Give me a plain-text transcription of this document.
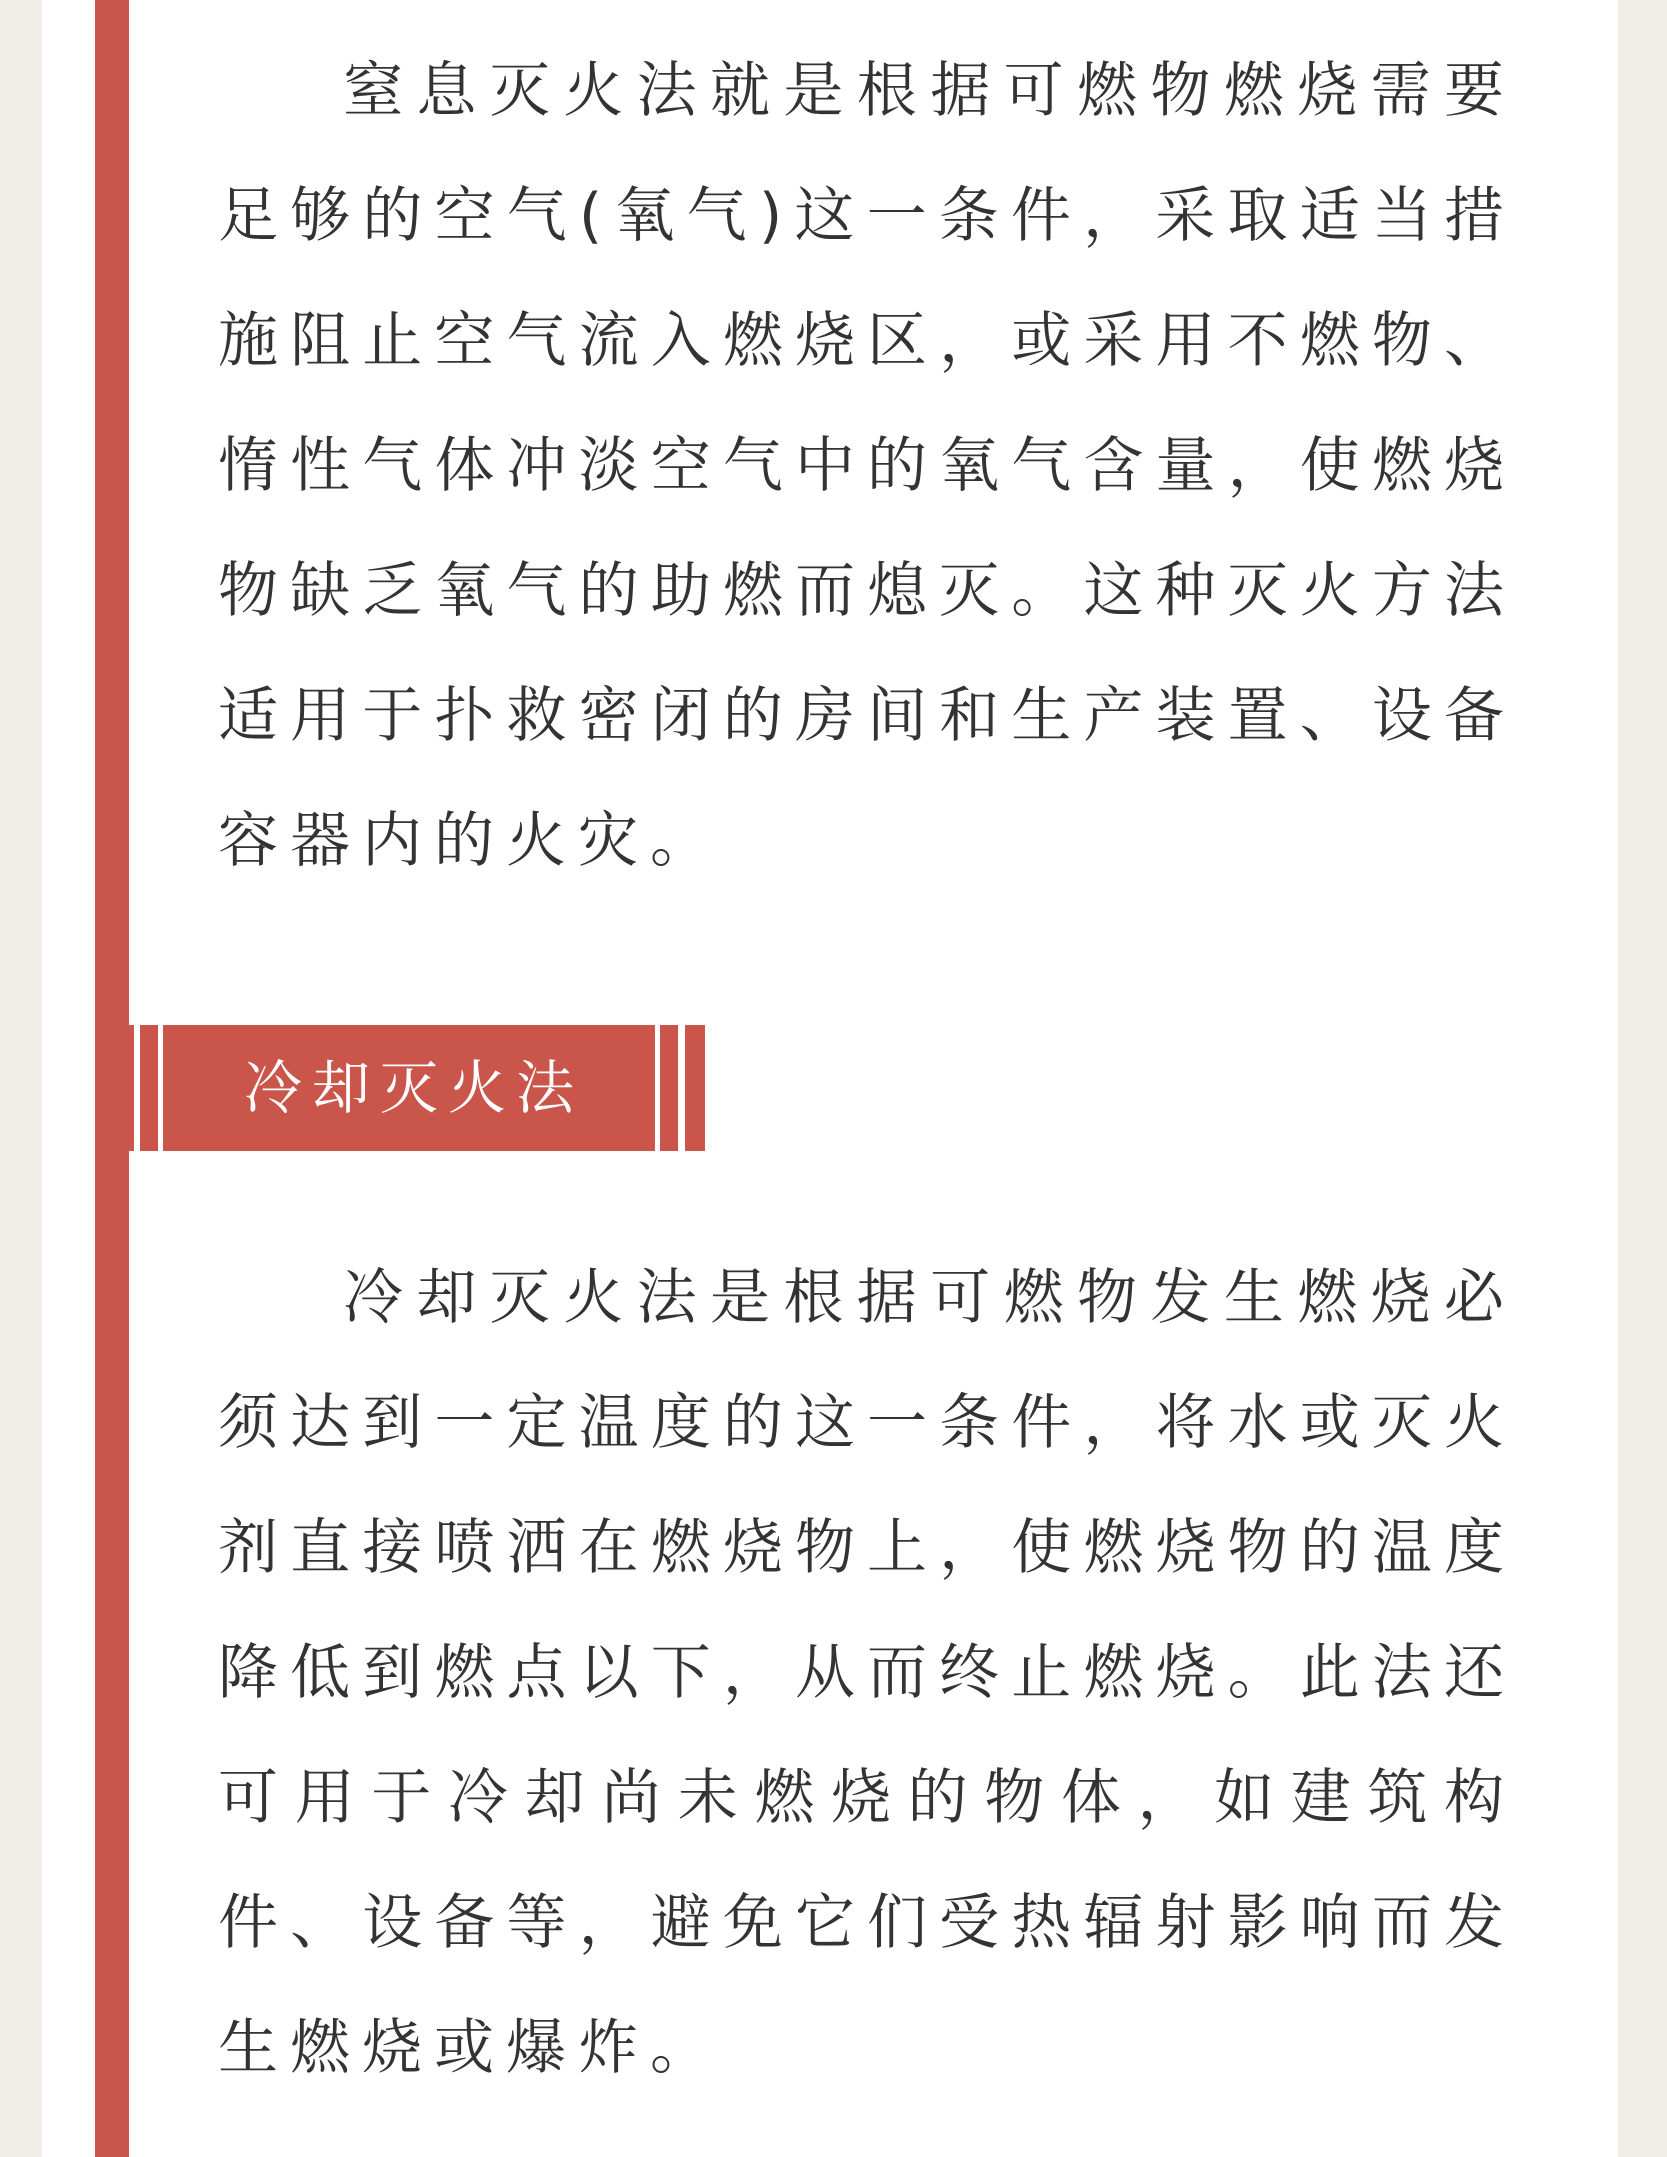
窒息灭火法就是根据可燃物燃烧需要足够的空气(氧气)这一条件，采取适当措施阻止空气流入燃烧区，或采用不燃物、惰性气体冲淡空气中的氧气含量，使燃烧物缺乏氧气的助燃而熄灭。这种灭火方法适用于扑救密闭的房间和生产装置、设备容器内的火灾。

冷却灭火法

冷却灭火法是根据可燃物发生燃烧必须达到一定温度的这一条件，将水或灭火剂直接喷洒在燃烧物上，使燃烧物的温度降低到燃点以下，从而终止燃烧。此法还可用于冷却尚未燃烧的物体，如建筑构件、设备等，避免它们受热辐射影响而发生燃烧或爆炸。
